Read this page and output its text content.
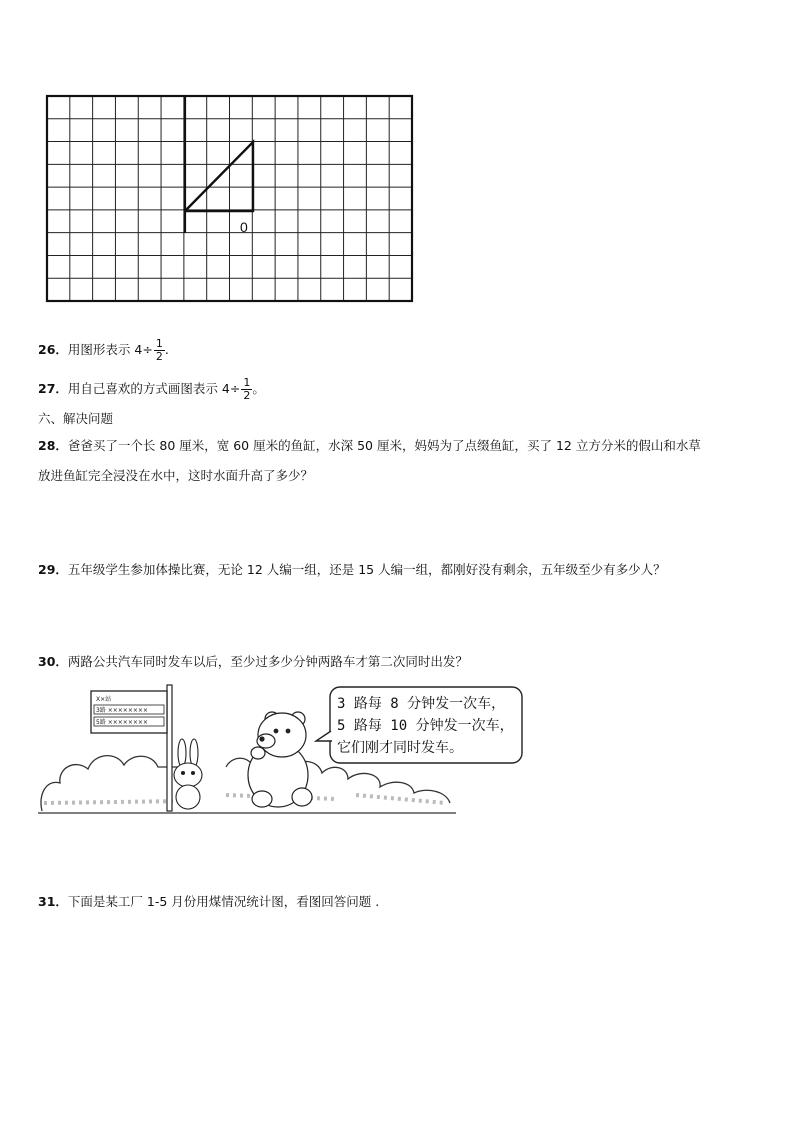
0
26．用图形表示 $4\div \frac{1}{2}$ .
27．用自己喜欢的方式画图表示 $4\div \frac{1}{2}$ 。
六、解决问题
28．爸爸买了一个长 80 厘米，宽 60 厘米的鱼缸，水深 50 厘米，妈妈为了点缀鱼缸，买了 12 立方分米的假山和水草
放进鱼缸完全浸没在水中，这时水面升高了多少？
29．五年级学生参加体操比赛，无论 12 人编一组，还是 15 人编一组，都刚好没有剩余，五年级至少有多少人？
30．两路公共汽车同时发车以后，至少过多少分钟两路车才第二次同时出发？
X×站
3路 ××××××××
5路 ××××××××
3 路每 8 分钟发一次车，
5 路每 10 分钟发一次车，
它们刚才同时发车。
31．下面是某工厂 1-5 月份用煤情况统计图，看图回答问题 .
